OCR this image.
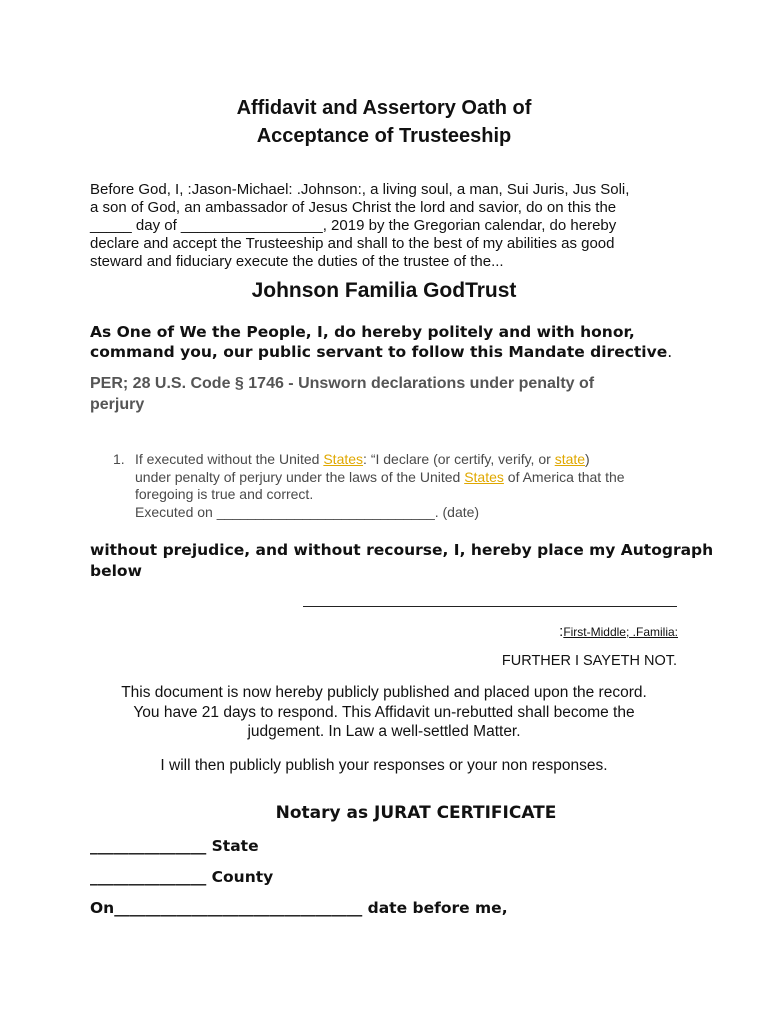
Affidavit and Assertory Oath of
Acceptance of Trusteeship

Before God, I, :Jason-Michael: .Johnson:, a living soul, a man, Sui Juris, Jus Soli,

a son of God, an ambassador of Jesus Christ the lord and savior, do on this the

_____ day of _________________, 2019 by the Gregorian calendar, do hereby

declare and accept the Trusteeship and shall to the best of my abilities as good

steward and fiduciary execute the duties of the trustee of the...

Johnson Familia GodTrust

As One of We the People, I, do hereby politely and with honor,

command you, our public servant to follow this Mandate directive.

PER; 28 U.S. Code § 1746 - Unsworn declarations under penalty of

perjury

1. If executed without the United States: “I declare (or certify, verify, or state)

under penalty of perjury under the laws of the United States of America that the

foregoing is true and correct.

Executed on ____________________________. (date)

without prejudice, and without recourse, I, hereby place my Autograph

below

:First-Middle; .Familia:
FURTHER I SAYETH NOT.

This document is now hereby publicly published and placed upon the record.

You have 21 days to respond. This Affidavit un-rebutted shall become the

judgement. In Law a well-settled Matter.

I will then publicly publish your responses or your non responses.
Notary as JURAT CERTIFICATE
_______________ State
_______________ County
On________________________________ date before me,
